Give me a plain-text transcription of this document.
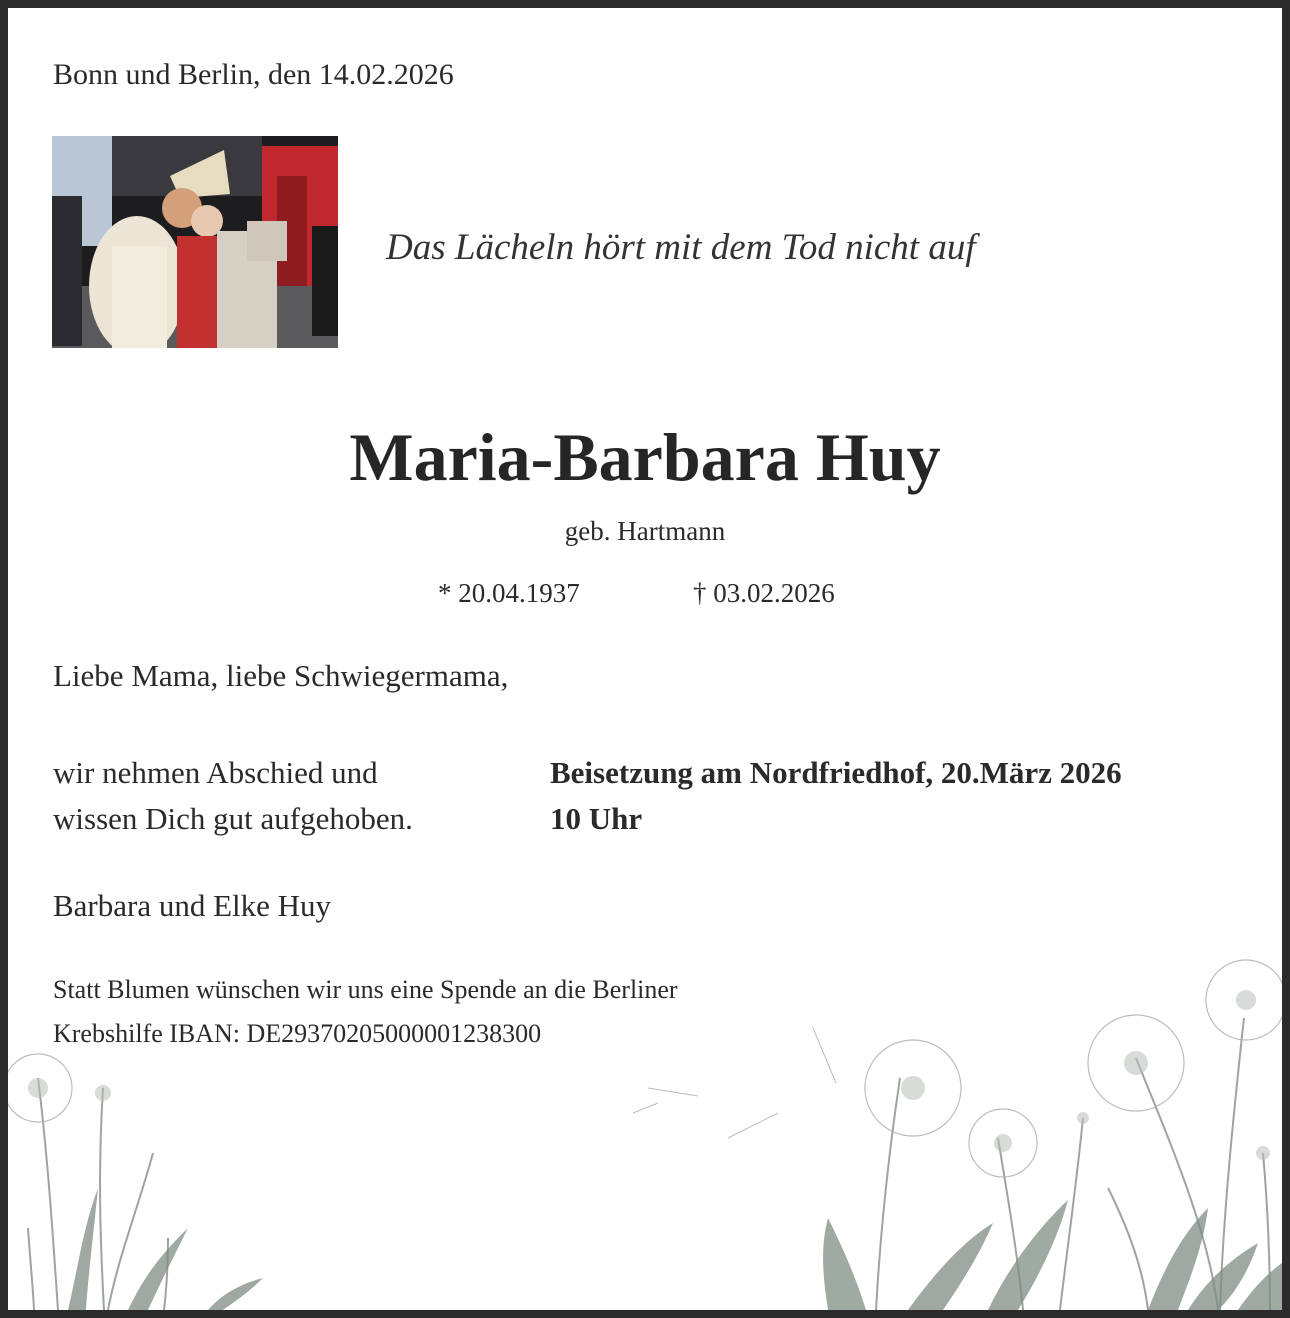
Bonn und Berlin, den 14.02.2026
Das Lächeln hört mit dem Tod nicht auf
Maria-Barbara Huy
geb. Hartmann
* 20.04.1937	† 03.02.2026
Liebe Mama, liebe Schwiegermama,
wir nehmen Abschied und
wissen Dich gut aufgehoben.
Beisetzung am Nordfriedhof, 20.März 2026
10 Uhr
Barbara und Elke Huy
Statt Blumen wünschen wir uns eine Spende an die Berliner
Krebshilfe IBAN: DE29370205000001238300
